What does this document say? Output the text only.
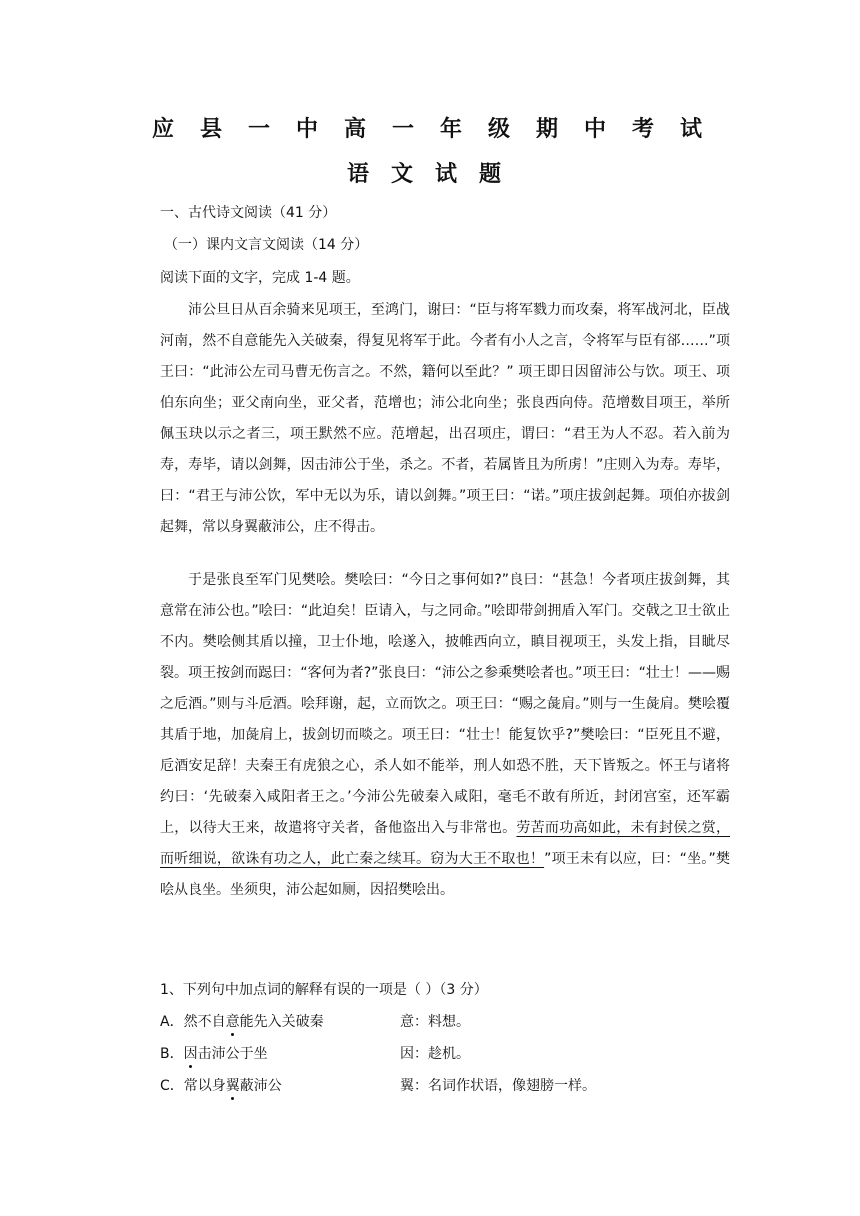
应县一中高一年级期中考试
语文试题
一、古代诗文阅读（41 分）
（一）课内文言文阅读（14 分）
阅读下面的文字，完成 1-4 题。
沛公旦日从百余骑来见项王，至鸿门，谢曰：“臣与将军戮力而攻秦，将军战河北，臣战河南，然不自意能先入关破秦，得复见将军于此。今者有小人之言，令将军与臣有郤……”项王曰：“此沛公左司马曹无伤言之。不然，籍何以至此？” 项王即日因留沛公与饮。项王、项伯东向坐；亚父南向坐，亚父者，范增也；沛公北向坐；张良西向侍。范增数目项王，举所佩玉玦以示之者三，项王默然不应。范增起，出召项庄，谓曰：“君王为人不忍。若入前为寿，寿毕，请以剑舞，因击沛公于坐，杀之。不者，若属皆且为所虏！”庄则入为寿。寿毕，曰：“君王与沛公饮，军中无以为乐，请以剑舞。”项王曰：“诺。”项庄拔剑起舞。项伯亦拔剑起舞，常以身翼蔽沛公，庄不得击。
于是张良至军门见樊哙。樊哙曰：“今日之事何如?”良曰：“甚急！今者项庄拔剑舞，其意常在沛公也。”哙曰：“此迫矣！臣请入，与之同命。”哙即带剑拥盾入军门。交戟之卫士欲止不内。樊哙侧其盾以撞，卫士仆地，哙遂入，披帷西向立，瞋目视项王，头发上指，目眦尽裂。项王按剑而跽曰：“客何为者?”张良曰：“沛公之参乘樊哙者也。”项王曰：“壮士！——赐之卮酒。”则与斗卮酒。哙拜谢，起，立而饮之。项王曰：“赐之彘肩。”则与一生彘肩。樊哙覆其盾于地，加彘肩上，拔剑切而啖之。项王曰：“壮士！能复饮乎?”樊哙曰：“臣死且不避，卮酒安足辞！夫秦王有虎狼之心，杀人如不能举，刑人如恐不胜，天下皆叛之。怀王与诸将约曰：‘先破秦入咸阳者王之。’今沛公先破秦入咸阳，毫毛不敢有所近，封闭宫室，还军霸上，以待大王来，故遣将守关者，备他盗出入与非常也。劳苦而功高如此，未有封侯之赏，而听细说，欲诛有功之人，此亡秦之续耳。窃为大王不取也！”项王未有以应，曰：“坐。”樊哙从良坐。坐须臾，沛公起如厕，因招樊哙出。
1、下列句中加点词的解释有误的一项是（ ）（3 分）
A．然不自意能先入关破秦	意：料想。
B．因击沛公于坐	因：趁机。
C．常以身翼蔽沛公	翼：名词作状语，像翅膀一样。
